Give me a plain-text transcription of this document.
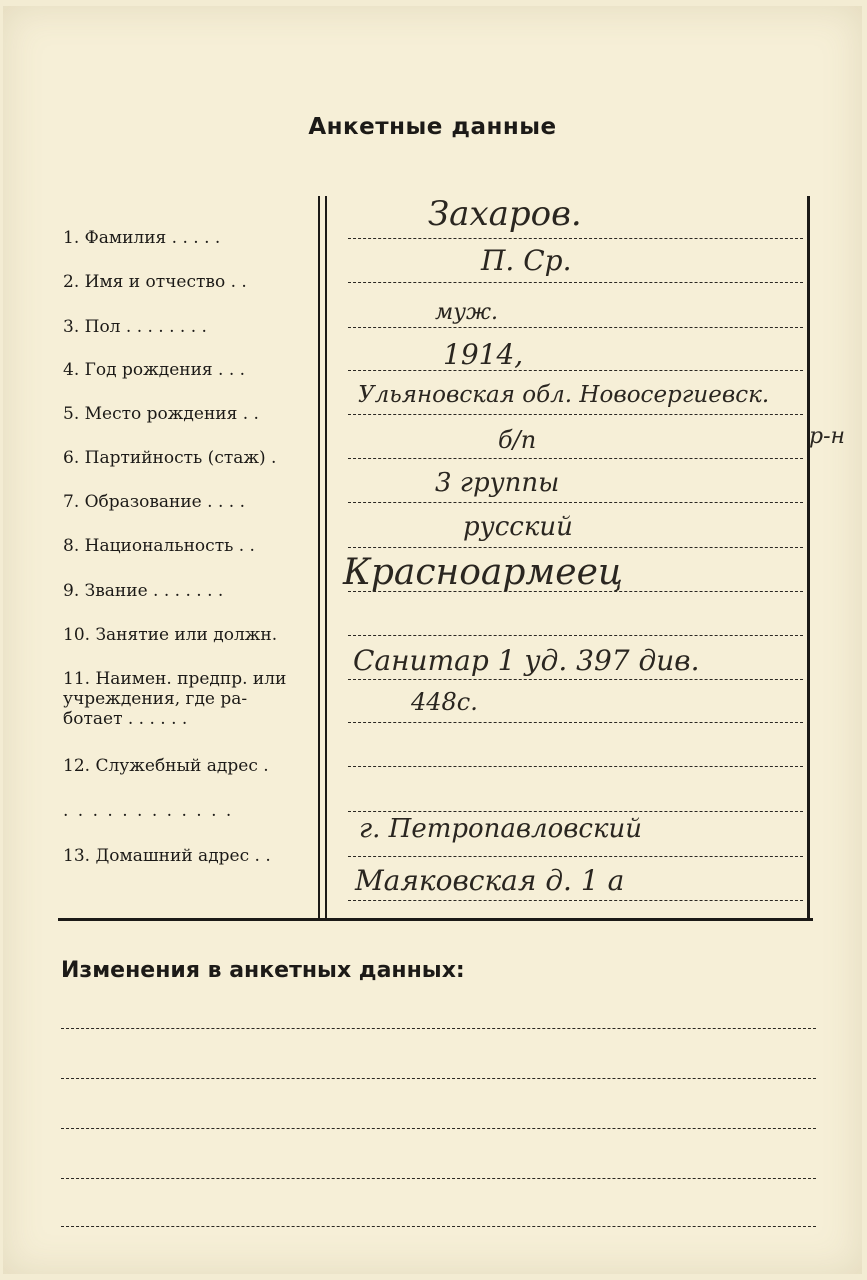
Анкетные данные
1. Фамилия . . . . .
2. Имя и отчество . .
3. Пол . . . . . . . .
4. Год рождения . . .
5. Место рождения . .
6. Партийность (стаж) .
7. Образование . . . .
8. Национальность . .
9. Звание . . . . . . .
10. Занятие или должн.
11. Наимен. предпр. или
учреждения, где ра-
ботает . . . . . .
12. Служебный адрес .
. . . . . . . . . . . .
13. Домашний адрес . .
Захаров.
П. Ср.
муж.
1914,
Ульяновская обл. Новосергиевск.
р-н
б/п
3 группы
русский
Красноармеец
Санитар 1 уд. 397 див.
448с.
г. Петропавловский
Маяковская д. 1 а
Изменения в анкетных данных:
